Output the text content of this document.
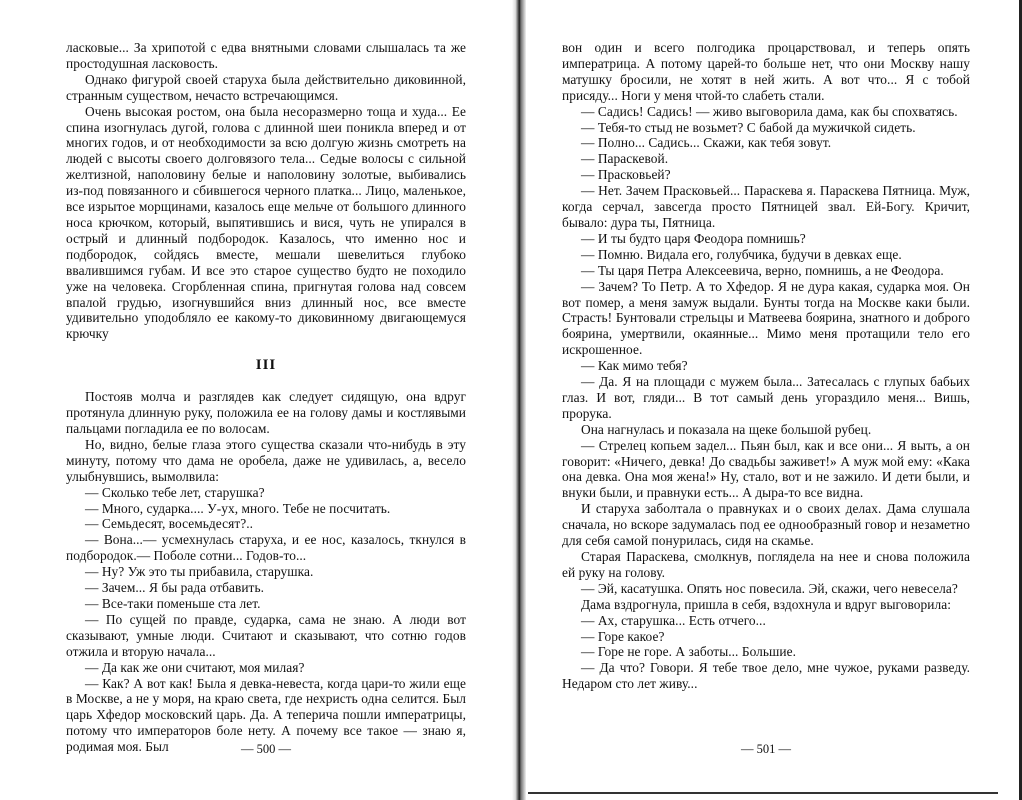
ласковые... За хрипотой с едва внятными словами слышалась та же простодушная ласковость.

Однако фигурой своей старуха была действительно диковинной, странным существом, нечасто встречающимся.

Очень высокая ростом, она была несоразмерно тоща и худа... Ее спина изогнулась дугой, голова с длинной шеи поникла вперед и от многих годов, и от необходимости за всю долгую жизнь смотреть на людей с высоты своего долговязого тела... Седые волосы с сильной желтизной, наполовину белые и наполовину золотые, выбивались из-под повязанного и сбившегося черного платка... Лицо, маленькое, все изрытое морщинами, казалось еще мельче от большого длинного носа крючком, который, выпятившись и вися, чуть не упирался в острый и длинный подбородок. Казалось, что именно нос и подбородок, сойдясь вместе, мешали шевелиться глубоко ввалившимся губам. И все это старое существо будто не походило уже на человека. Сгорбленная спина, пригнутая голова над совсем впалой грудью, изогнувшийся вниз длинный нос, все вместе удивительно уподобляло ее какому-то диковинному двигающемуся крючку

III

Постояв молча и разглядев как следует сидящую, она вдруг протянула длинную руку, положила ее на голову дамы и костлявыми пальцами погладила ее по волосам.

Но, видно, белые глаза этого существа сказали что-нибудь в эту минуту, потому что дама не оробела, даже не удивилась, а, весело улыбнувшись, вымолвила:

— Сколько тебе лет, старушка?

— Много, сударка.... У-ух, много. Тебе не посчитать.

— Семьдесят, восемьдесят?..

— Вона...— усмехнулась старуха, и ее нос, казалось, ткнулся в подбородок.— Поболе сотни... Годов-то...

— Ну? Уж это ты прибавила, старушка.

— Зачем... Я бы рада отбавить.

— Все-таки поменьше ста лет.

— По сущей по правде, сударка, сама не знаю. А люди вот сказывают, умные люди. Считают и сказывают, что сотню годов отжила и вторую начала...

— Да как же они считают, моя милая?

— Как? А вот как! Была я девка-невеста, когда цари-то жили еще в Москве, а не у моря, на краю света, где нехристь одна селится. Был царь Хфедор московский царь. Да. А теперича пошли императрицы, потому что императоров боле нету. А почему все такое — знаю я, родимая моя. Был	— 500 —

вон один и всего полгодика процарствовал, и теперь опять императрица. А потому царей-то больше нет, что они Москву нашу матушку бросили, не хотят в ней жить. А вот что... Я с тобой присяду... Ноги у меня чтой-то слабеть стали.

— Садись! Садись! — живо выговорила дама, как бы спохватясь.

— Тебя-то стыд не возьмет? С бабой да мужичкой сидеть.

— Полно... Садись... Скажи, как тебя зовут.

— Параскевой.

— Прасковьей?

— Нет. Зачем Прасковьей... Параскева я. Параскева Пятница. Муж, когда серчал, завсегда просто Пятницей звал. Ей-Богу. Кричит, бывало: дура ты, Пятница.

— И ты будто царя Феодора помнишь?

— Помню. Видала его, голубчика, будучи в девках еще.

— Ты царя Петра Алексеевича, верно, помнишь, а не Феодора.

— Зачем? То Петр. А то Хфедор. Я не дура какая, сударка моя. Он вот помер, а меня замуж выдали. Бунты тогда на Москве каки были. Страсть! Бунтовали стрельцы и Матвеева боярина, знатного и доброго боярина, умертвили, окаянные... Мимо меня протащили тело его искрошенное.

— Как мимо тебя?

— Да. Я на площади с мужем была... Затесалась с глупых бабьих глаз. И вот, гляди... В тот самый день угораздило меня... Вишь, прорука.

Она нагнулась и показала на щеке большой рубец.

— Стрелец копьем задел... Пьян был, как и все они... Я выть, а он говорит: «Ничего, девка! До свадьбы заживет!» А муж мой ему: «Кака она девка. Она моя жена!» Ну, стало, вот и не зажило. И дети были, и внуки были, и правнуки есть... А дыра-то все видна.

И старуха заболтала о правнуках и о своих делах. Дама слушала сначала, но вскоре задумалась под ее однообразный говор и незаметно для себя самой понурилась, сидя на скамье.

Старая Параскева, смолкнув, поглядела на нее и снова положила ей руку на голову.

— Эй, касатушка. Опять нос повесила. Эй, скажи, чего невесела?

Дама вздрогнула, пришла в себя, вздохнула и вдруг выговорила:

— Ах, старушка... Есть отчего...

— Горе какое?

— Горе не горе. А заботы... Большие.

— Да что? Говори. Я тебе твое дело, мне чужое, руками разведу. Недаром сто лет живу...

— 501 —
